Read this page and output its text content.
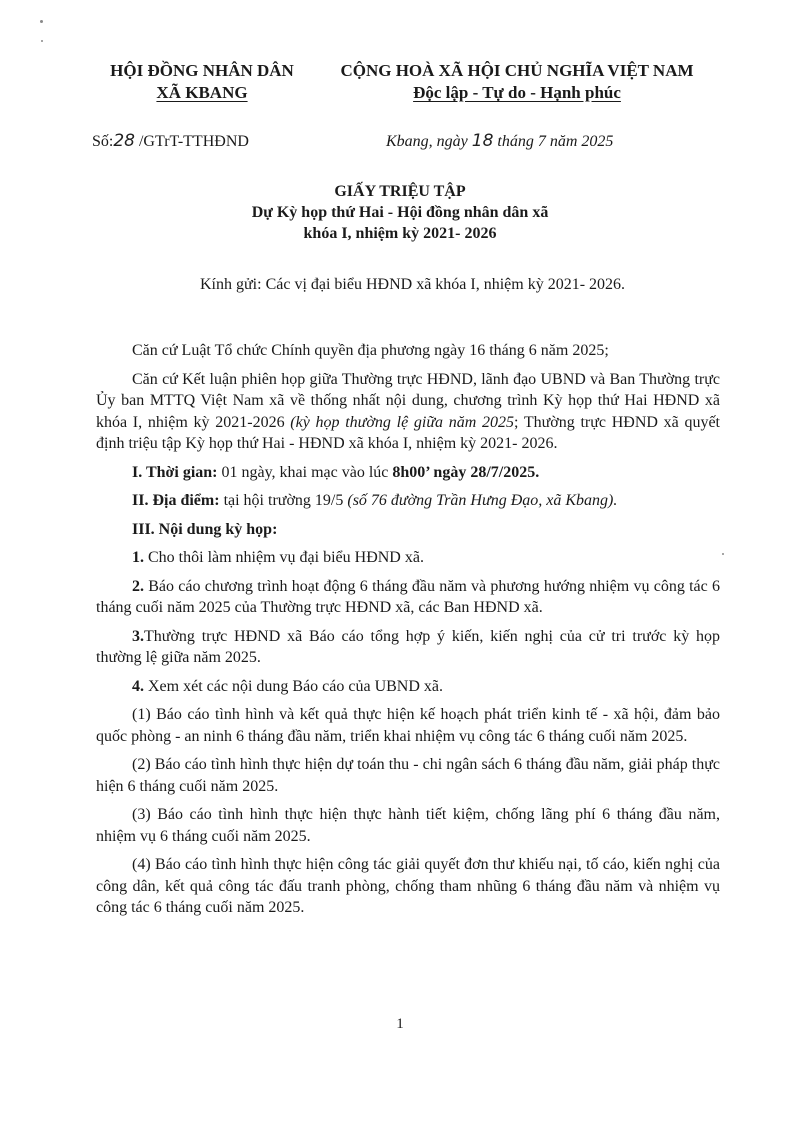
HỘI ĐỒNG NHÂN DÂN
XÃ KBANG
CỘNG HOÀ XÃ HỘI CHỦ NGHĨA VIỆT NAM
Độc lập - Tự do - Hạnh phúc
Số:28 /GTrT-TTHĐND	Kbang, ngày 18 tháng 7 năm 2025
GIẤY TRIỆU TẬP
Dự Kỳ họp thứ Hai - Hội đồng nhân dân xã
khóa I, nhiệm kỳ 2021- 2026
Kính gửi: Các vị đại biểu HĐND xã khóa I, nhiệm kỳ 2021- 2026.

Căn cứ Luật Tổ chức Chính quyền địa phương ngày 16 tháng 6 năm 2025;

Căn cứ Kết luận phiên họp giữa Thường trực HĐND, lãnh đạo UBND và Ban Thường trực Ủy ban MTTQ Việt Nam xã về thống nhất nội dung, chương trình Kỳ họp thứ Hai HĐND xã khóa I, nhiệm kỳ 2021-2026 (kỳ họp thường lệ giữa năm 2025; Thường trực HĐND xã quyết định triệu tập Kỳ họp thứ Hai - HĐND xã khóa I, nhiệm kỳ 2021- 2026.

I. Thời gian: 01 ngày, khai mạc vào lúc 8h00’ ngày 28/7/2025.

II. Địa điểm: tại hội trường 19/5 (số 76 đường Trần Hưng Đạo, xã Kbang).

III. Nội dung kỳ họp:

1. Cho thôi làm nhiệm vụ đại biểu HĐND xã.

2. Báo cáo chương trình hoạt động 6 tháng đầu năm và phương hướng nhiệm vụ công tác 6 tháng cuối năm 2025 của Thường trực HĐND xã, các Ban HĐND xã.

3.Thường trực HĐND xã Báo cáo tổng hợp ý kiến, kiến nghị của cử tri trước kỳ họp thường lệ giữa năm 2025.

4. Xem xét các nội dung Báo cáo của UBND xã.

(1) Báo cáo tình hình và kết quả thực hiện kế hoạch phát triển kinh tế - xã hội, đảm bảo quốc phòng - an ninh 6 tháng đầu năm, triển khai nhiệm vụ công tác 6 tháng cuối năm 2025.

(2) Báo cáo tình hình thực hiện dự toán thu - chi ngân sách 6 tháng đầu năm, giải pháp thực hiện 6 tháng cuối năm 2025.

(3) Báo cáo tình hình thực hiện thực hành tiết kiệm, chống lãng phí 6 tháng đầu năm, nhiệm vụ 6 tháng cuối năm 2025.

(4) Báo cáo tình hình thực hiện công tác giải quyết đơn thư khiếu nại, tố cáo, kiến nghị của công dân, kết quả công tác đấu tranh phòng, chống tham nhũng 6 tháng đầu năm và nhiệm vụ công tác 6 tháng cuối năm 2025.

1
